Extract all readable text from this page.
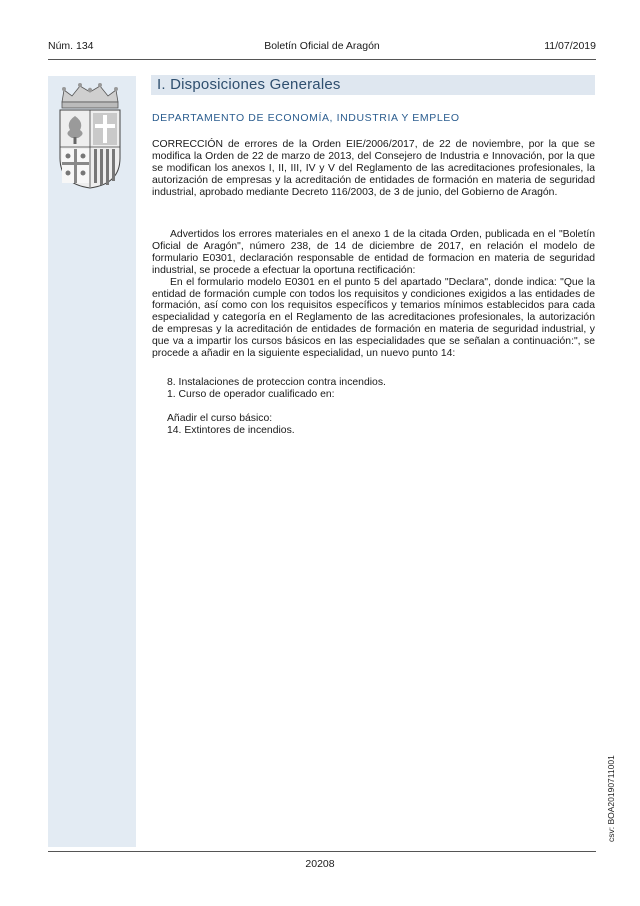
Núm. 134	Boletín Oficial de Aragón	11/07/2019
I. Disposiciones Generales
DEPARTAMENTO DE ECONOMÍA, INDUSTRIA Y EMPLEO
CORRECCIÓN de errores de la Orden EIE/2006/2017, de 22 de noviembre, por la que se modifica la Orden de 22 de marzo de 2013, del Consejero de Industria e Innovación, por la que se modifican los anexos I, II, III, IV y V del Reglamento de las acreditaciones profesionales, la autorización de empresas y la acreditación de entidades de formación en materia de seguridad industrial, aprobado mediante Decreto 116/2003, de 3 de junio, del Gobierno de Aragón.

Advertidos los errores materiales en el anexo 1 de la citada Orden, publicada en el "Boletín Oficial de Aragón", número 238, de 14 de diciembre de 2017, en relación el modelo de formulario E0301, declaración responsable de entidad de formacion en materia de seguridad industrial, se procede a efectuar la oportuna rectificación:

En el formulario modelo E0301 en el punto 5 del apartado "Declara", donde indica: "Que la entidad de formación cumple con todos los requisitos y condiciones exigidos a las entidades de formación, así como con los requisitos específicos y temarios mínimos establecidos para cada especialidad y categoría en el Reglamento de las acreditaciones profesionales, la autorización de empresas y la acreditación de entidades de formación en materia de seguridad industrial, y que va a impartir los cursos básicos en las especialidades que se señalan a continuación:", se procede a añadir en la siguiente especialidad, un nuevo punto 14:

8. Instalaciones de proteccion contra incendios.
1. Curso de operador cualificado en:
Añadir el curso básico:
14. Extintores de incendios.
csv: BOA20190711001
20208
